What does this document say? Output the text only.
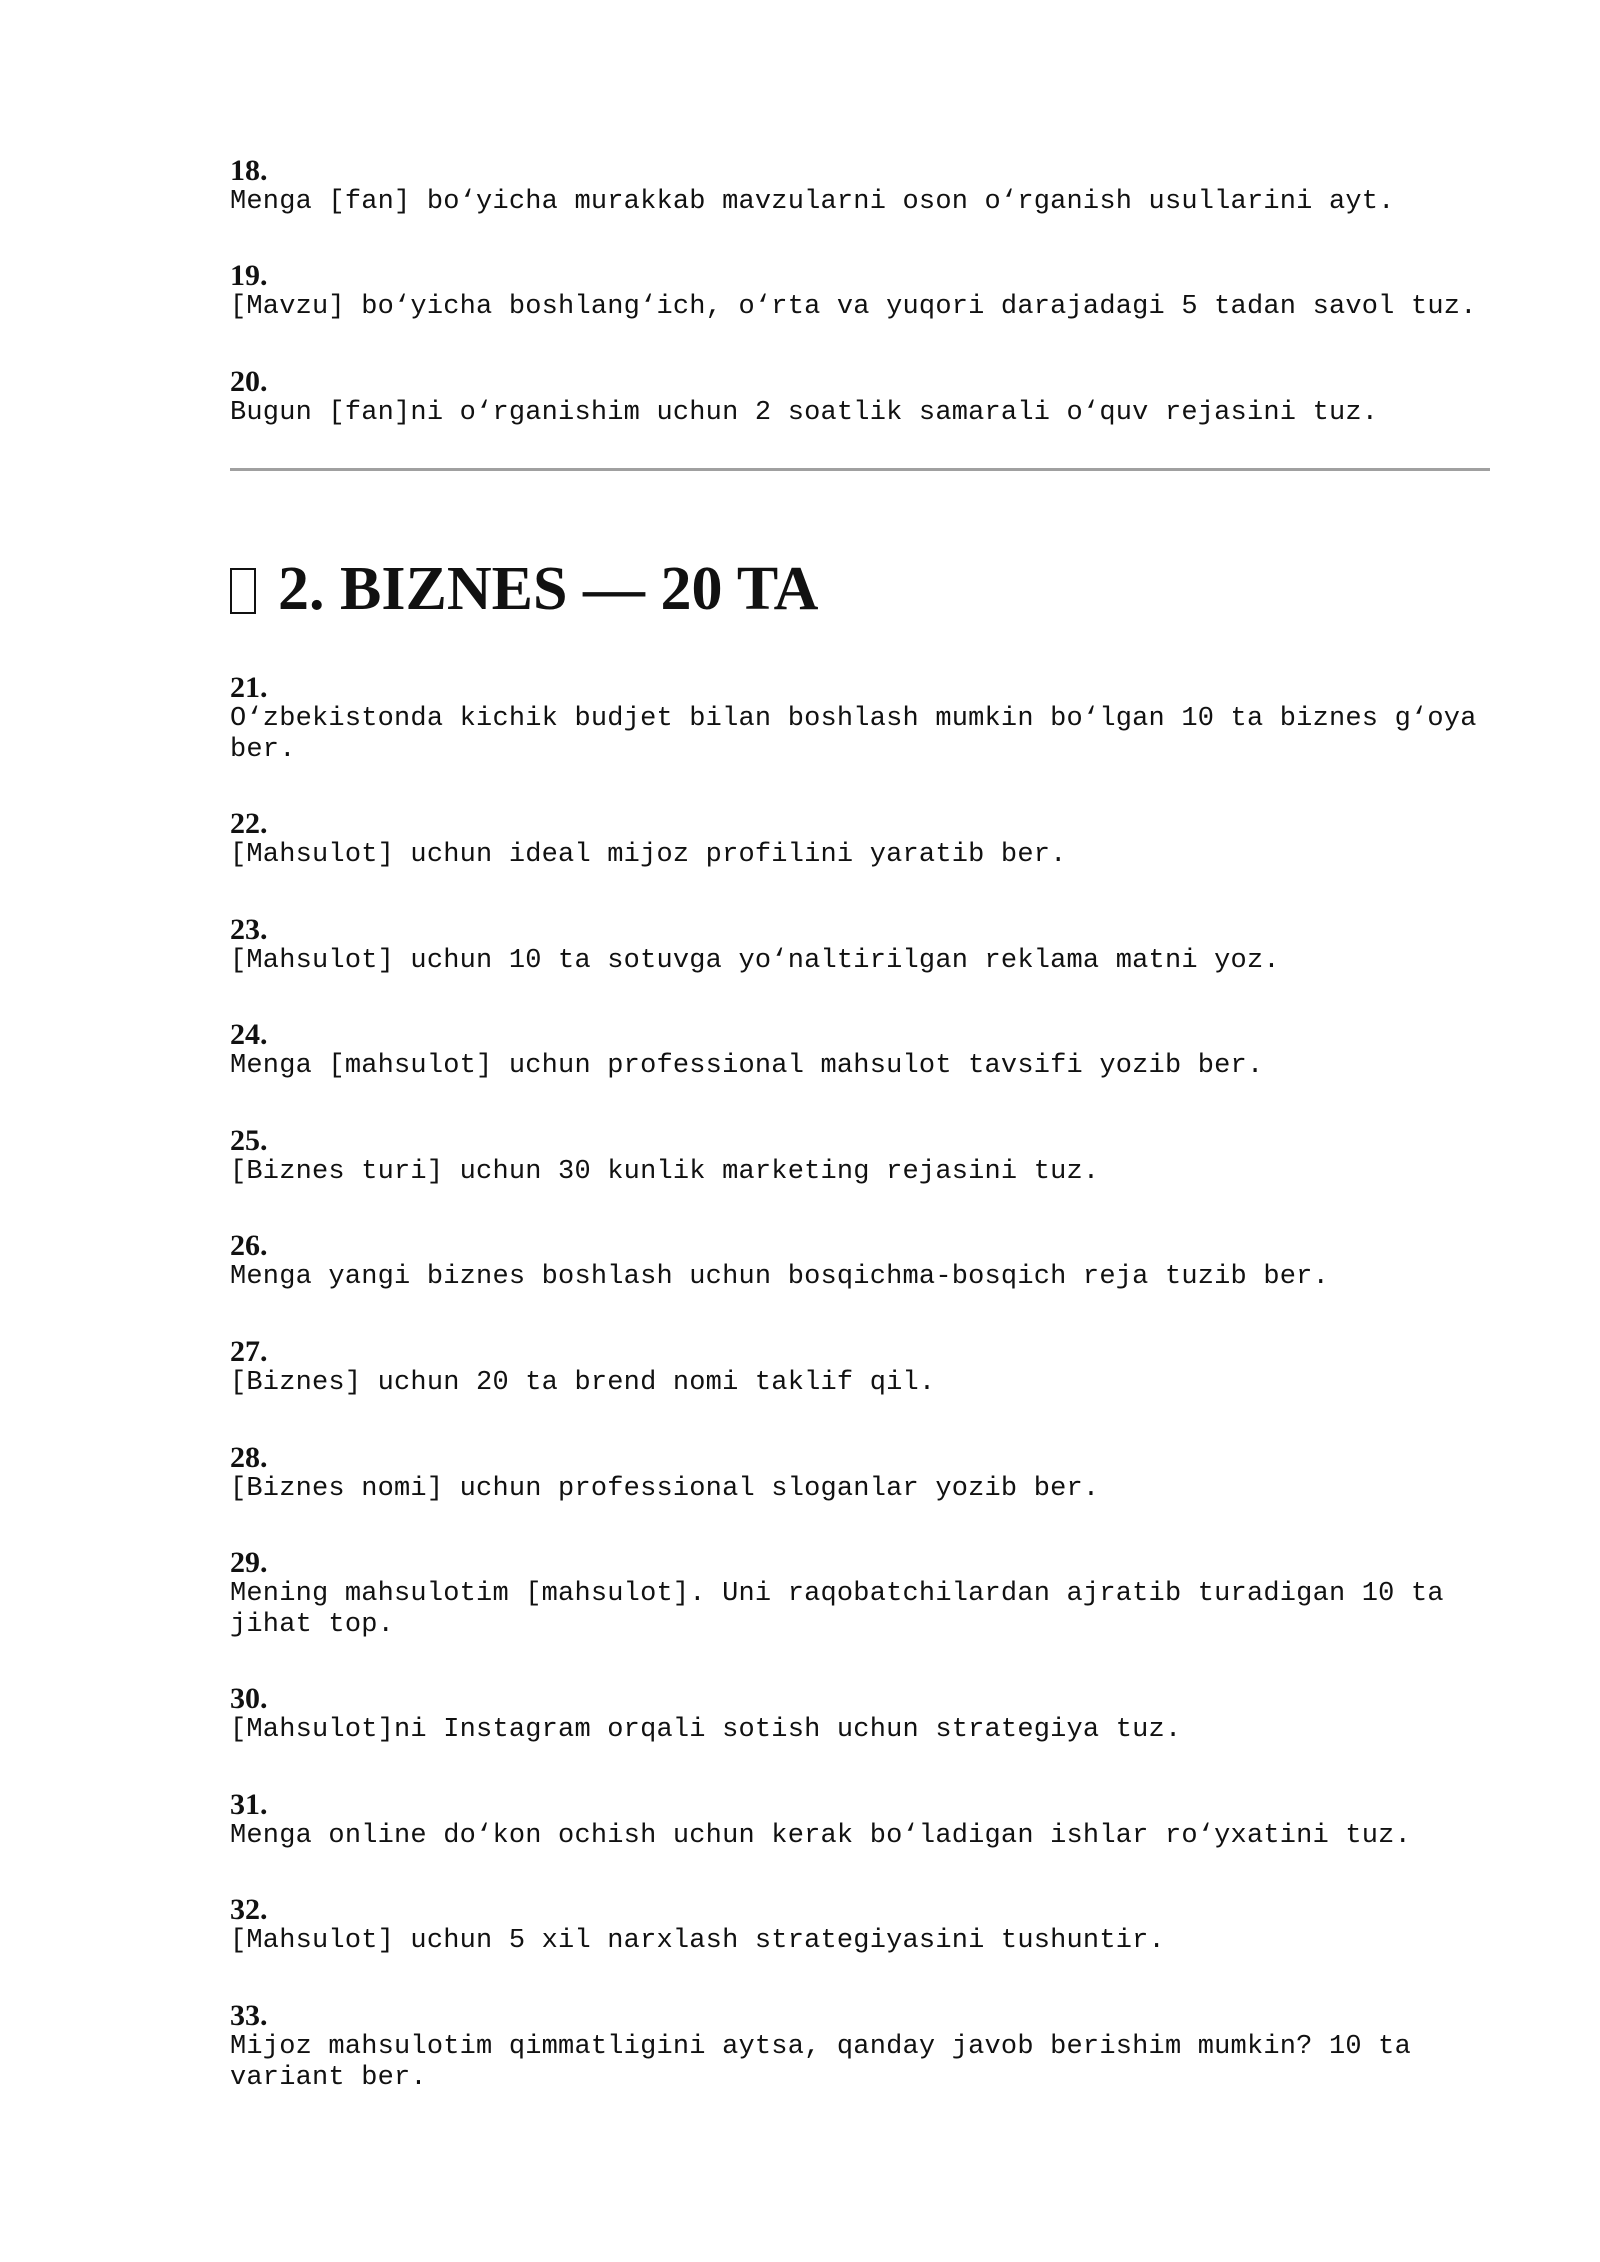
18.

Menga [fan] bo‘yicha murakkab mavzularni oson o‘rganish usullarini ayt.

19.

[Mavzu] bo‘yicha boshlang‘ich, o‘rta va yuqori darajadagi 5 tadan savol tuz.

20.

Bugun [fan]ni o‘rganishim uchun 2 soatlik samarali o‘quv rejasini tuz.

2. BIZNES — 20 TA

21.

O‘zbekistonda kichik budjet bilan boshlash mumkin bo‘lgan 10 ta biznes g‘oya
ber.

22.

[Mahsulot] uchun ideal mijoz profilini yaratib ber.

23.

[Mahsulot] uchun 10 ta sotuvga yo‘naltirilgan reklama matni yoz.

24.

Menga [mahsulot] uchun professional mahsulot tavsifi yozib ber.

25.

[Biznes turi] uchun 30 kunlik marketing rejasini tuz.

26.

Menga yangi biznes boshlash uchun bosqichma-bosqich reja tuzib ber.

27.

[Biznes] uchun 20 ta brend nomi taklif qil.

28.

[Biznes nomi] uchun professional sloganlar yozib ber.

29.

Mening mahsulotim [mahsulot]. Uni raqobatchilardan ajratib turadigan 10 ta
jihat top.

30.

[Mahsulot]ni Instagram orqali sotish uchun strategiya tuz.

31.

Menga online do‘kon ochish uchun kerak bo‘ladigan ishlar ro‘yxatini tuz.

32.

[Mahsulot] uchun 5 xil narxlash strategiyasini tushuntir.

33.

Mijoz mahsulotim qimmatligini aytsa, qanday javob berishim mumkin? 10 ta
variant ber.
